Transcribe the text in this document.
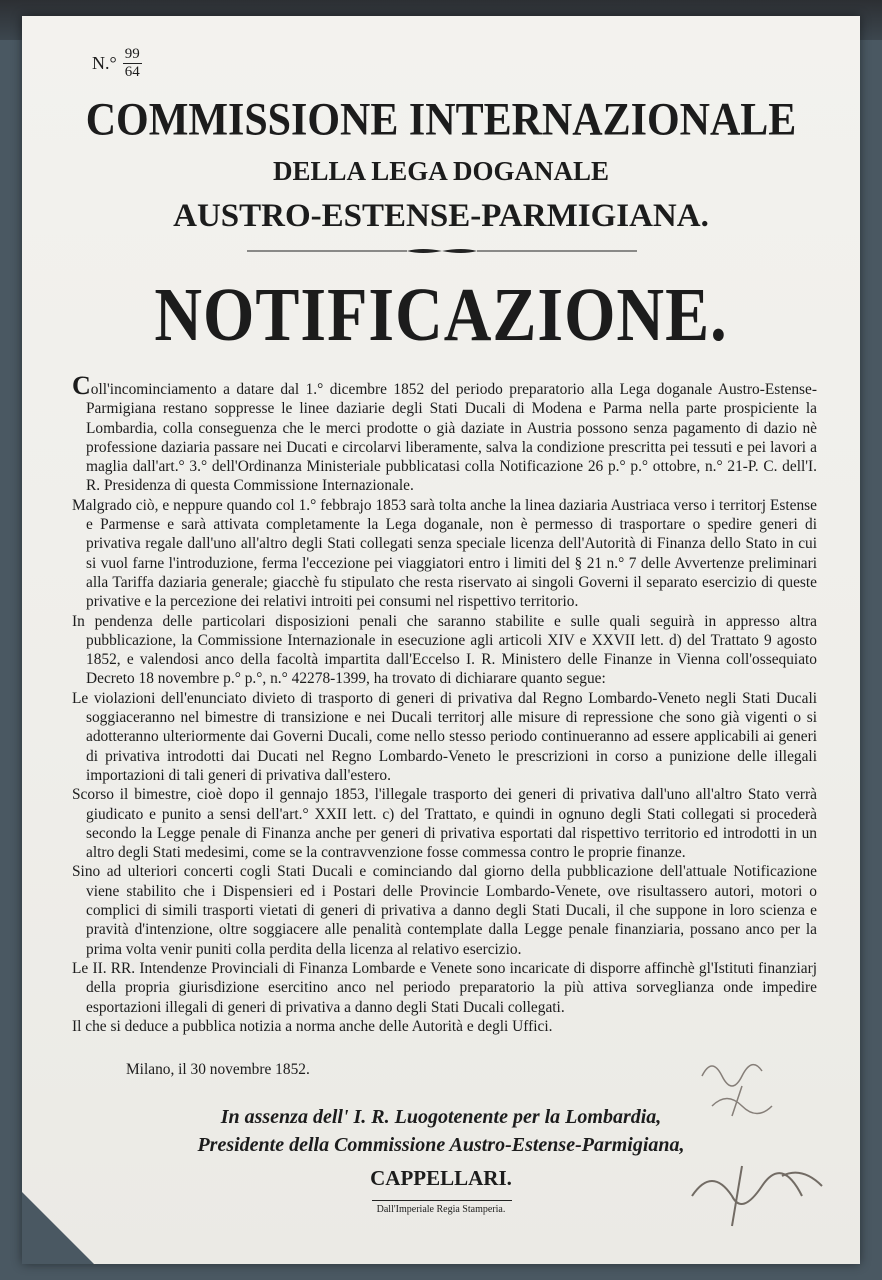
$N.^\circ \frac{99}{64}$
COMMISSIONE INTERNAZIONALE
DELLA LEGA DOGANALE
AUSTRO-ESTENSE-PARMIGIANA.
NOTIFICAZIONE.

Coll'incominciamento a datare dal 1.° dicembre 1852 del periodo preparatorio alla Lega doganale Austro-Estense-Parmigiana restano soppresse le linee daziarie degli Stati Ducali di Modena e Parma nella parte prospiciente la Lombardia, colla conseguenza che le merci prodotte o già daziate in Austria possono senza pagamento di dazio nè professione daziaria passare nei Ducati e circolarvi liberamente, salva la condizione prescritta pei tessuti e pei lavori a maglia dall'art.° 3.° dell'Ordinanza Ministeriale pubblicatasi colla Notificazione 26 p.° p.° ottobre, n.° 21-P. C. dell'I. R. Presidenza di questa Commissione Internazionale.

Malgrado ciò, e neppure quando col 1.° febbrajo 1853 sarà tolta anche la linea daziaria Austriaca verso i territorj Estense e Parmense e sarà attivata completamente la Lega doganale, non è permesso di trasportare o spedire generi di privativa regale dall'uno all'altro degli Stati collegati senza speciale licenza dell'Autorità di Finanza dello Stato in cui si vuol farne l'introduzione, ferma l'eccezione pei viaggiatori entro i limiti del § 21 n.° 7 delle Avvertenze preliminari alla Tariffa daziaria generale; giacchè fu stipulato che resta riservato ai singoli Governi il separato esercizio di queste privative e la percezione dei relativi introiti pei consumi nel rispettivo territorio.

In pendenza delle particolari disposizioni penali che saranno stabilite e sulle quali seguirà in appresso altra pubblicazione, la Commissione Internazionale in esecuzione agli articoli XIV e XXVII lett. d) del Trattato 9 agosto 1852, e valendosi anco della facoltà impartita dall'Eccelso I. R. Ministero delle Finanze in Vienna coll'ossequiato Decreto 18 novembre p.° p.°, n.° 42278-1399, ha trovato di dichiarare quanto segue:

Le violazioni dell'enunciato divieto di trasporto di generi di privativa dal Regno Lombardo-Veneto negli Stati Ducali soggiaceranno nel bimestre di transizione e nei Ducali territorj alle misure di repressione che sono già vigenti o si adotteranno ulteriormente dai Governi Ducali, come nello stesso periodo continueranno ad essere applicabili ai generi di privativa introdotti dai Ducati nel Regno Lombardo-Veneto le prescrizioni in corso a punizione delle illegali importazioni di tali generi di privativa dall'estero.

Scorso il bimestre, cioè dopo il gennajo 1853, l'illegale trasporto dei generi di privativa dall'uno all'altro Stato verrà giudicato e punito a sensi dell'art.° XXII lett. c) del Trattato, e quindi in ognuno degli Stati collegati si procederà secondo la Legge penale di Finanza anche per generi di privativa esportati dal rispettivo territorio ed introdotti in un altro degli Stati medesimi, come se la contravvenzione fosse commessa contro le proprie finanze.

Sino ad ulteriori concerti cogli Stati Ducali e cominciando dal giorno della pubblicazione dell'attuale Notificazione viene stabilito che i Dispensieri ed i Postari delle Provincie Lombardo-Venete, ove risultassero autori, motori o complici di simili trasporti vietati di generi di privativa a danno degli Stati Ducali, il che suppone in loro scienza e pravità d'intenzione, oltre soggiacere alle penalità contemplate dalla Legge penale finanziaria, possano anco per la prima volta venir puniti colla perdita della licenza al relativo esercizio.

Le II. RR. Intendenze Provinciali di Finanza Lombarde e Venete sono incaricate di disporre affinchè gl'Istituti finanziarj della propria giurisdizione esercitino anco nel periodo preparatorio la più attiva sorveglianza onde impedire esportazioni illegali di generi di privativa a danno degli Stati Ducali collegati.

Il che si deduce a pubblica notizia a norma anche delle Autorità e degli Uffici.

Milano, il 30 novembre 1852.
In assenza dell' I. R. Luogotenente per la Lombardia,
Presidente della Commissione Austro-Estense-Parmigiana,
CAPPELLARI.
Dall'Imperiale Regia Stamperia.
